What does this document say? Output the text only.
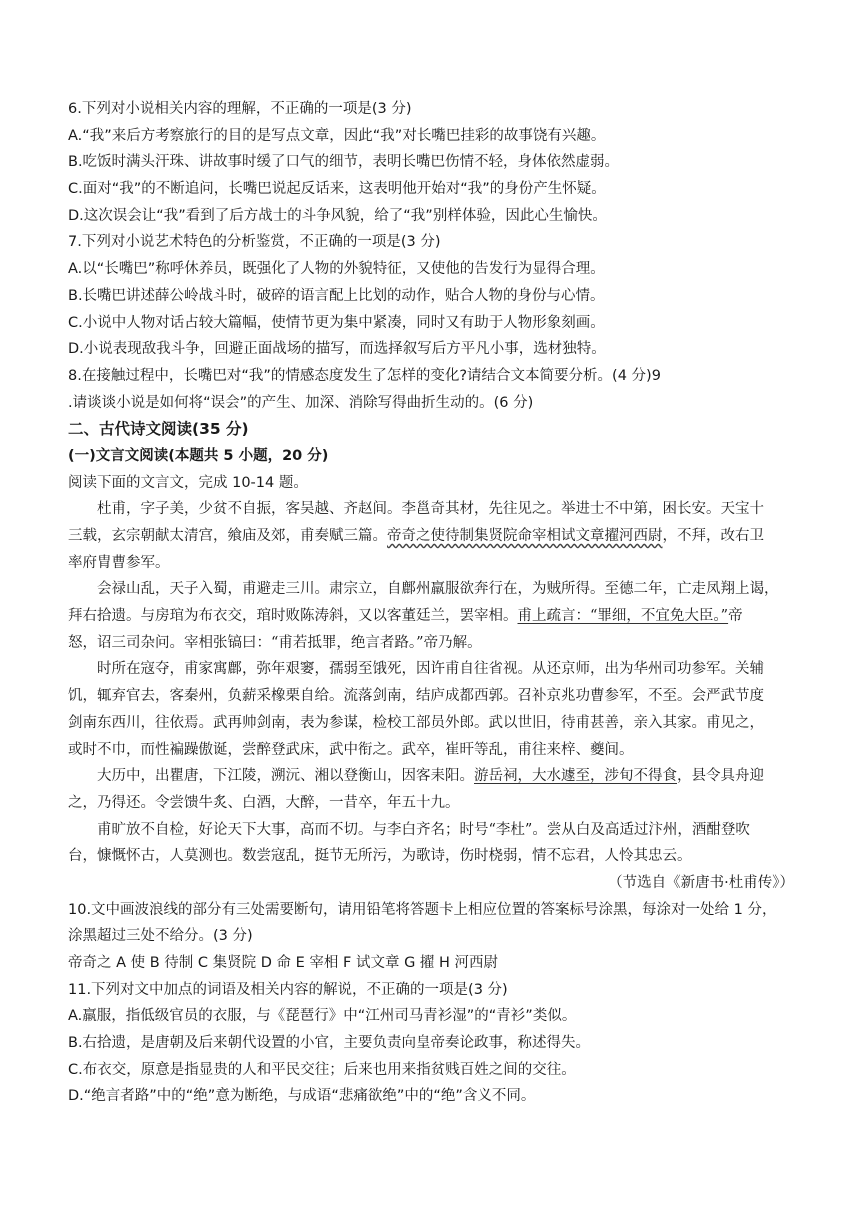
6.下列对小说相关内容的理解，不正确的一项是(3 分)
A.“我”来后方考察旅行的目的是写点文章，因此“我”对长嘴巴挂彩的故事饶有兴趣。
B.吃饭时满头汗珠、讲故事时缓了口气的细节，表明长嘴巴伤情不轻，身体依然虚弱。
C.面对“我”的不断追问，长嘴巴说起反话来，这表明他开始对“我”的身份产生怀疑。
D.这次误会让“我”看到了后方战士的斗争风貌，给了“我”别样体验，因此心生愉快。
7.下列对小说艺术特色的分析鉴赏，不正确的一项是(3 分)
A.以“长嘴巴”称呼休养员，既强化了人物的外貌特征，又使他的告发行为显得合理。
B.长嘴巴讲述薛公岭战斗时，破碎的语言配上比划的动作，贴合人物的身份与心情。
C.小说中人物对话占较大篇幅，使情节更为集中紧凑，同时又有助于人物形象刻画。
D.小说表现敌我斗争，回避正面战场的描写，而选择叙写后方平凡小事，选材独特。
8.在接触过程中，长嘴巴对“我”的情感态度发生了怎样的变化?请结合文本简要分析。(4 分)9
.请谈谈小说是如何将“误会”的产生、加深、消除写得曲折生动的。(6 分)
二、古代诗文阅读(35 分)
(一)文言文阅读(本题共 5 小题，20 分)
阅读下面的文言文，完成 10-14 题。
杜甫，字子美，少贫不自振，客吴越、齐赵间。李邕奇其材，先往见之。举进士不中第，困长安。天宝十
三载，玄宗朝献太清宫，飨庙及郊，甫奏赋三篇。帝奇之使待制集贤院命宰相试文章擢河西尉，不拜，改右卫
率府胄曹参军。
会禄山乱，天子入蜀，甫避走三川。肃宗立，自鄜州羸服欲奔行在，为贼所得。至德二年，亡走凤翔上谒，
拜右拾遗。与房琯为布衣交，琯时败陈涛斜，又以客董廷兰，罢宰相。甫上疏言：“罪细，不宜免大臣。”帝
怒，诏三司杂问。宰相张镐曰：“甫若抵罪，绝言者路。”帝乃解。
时所在寇夺，甫家寓鄜，弥年艰窭，孺弱至饿死，因许甫自往省视。从还京师，出为华州司功参军。关辅
饥，辄弃官去，客秦州，负薪采橡栗自给。流落剑南，结庐成都西郭。召补京兆功曹参军，不至。会严武节度
剑南东西川，往依焉。武再帅剑南，表为参谋，检校工部员外郎。武以世旧，待甫甚善，亲入其家。甫见之，
或时不巾，而性褊躁傲诞，尝醉登武床，武中衔之。武卒，崔旰等乱，甫往来梓、夔间。
大历中，出瞿唐，下江陵，溯沅、湘以登衡山，因客耒阳。游岳祠，大水遽至，涉旬不得食，县令具舟迎
之，乃得还。令尝馈牛炙、白酒，大醉，一昔卒，年五十九。
甫旷放不自检，好论天下大事，高而不切。与李白齐名；时号“李杜”。尝从白及高适过汴州，酒酣登吹
台，慷慨怀古，人莫测也。数尝寇乱，挺节无所污，为歌诗，伤时桡弱，情不忘君，人怜其忠云。
（节选自《新唐书·杜甫传》）
10.文中画波浪线的部分有三处需要断句，请用铅笔将答题卡上相应位置的答案标号涂黑，每涂对一处给 1 分，
涂黑超过三处不给分。(3 分)
帝奇之 A 使 B 待制 C 集贤院 D 命 E 宰相 F 试文章 G 擢 H 河西尉
11.下列对文中加点的词语及相关内容的解说，不正确的一项是(3 分)
A.羸服，指低级官员的衣服，与《琵琶行》中“江州司马青衫湿”的“青衫”类似。
B.右拾遗，是唐朝及后来朝代设置的小官，主要负责向皇帝奏论政事，称述得失。
C.布衣交，原意是指显贵的人和平民交往；后来也用来指贫贱百姓之间的交往。
D.“绝言者路”中的“绝”意为断绝，与成语“悲痛欲绝”中的“绝”含义不同。
